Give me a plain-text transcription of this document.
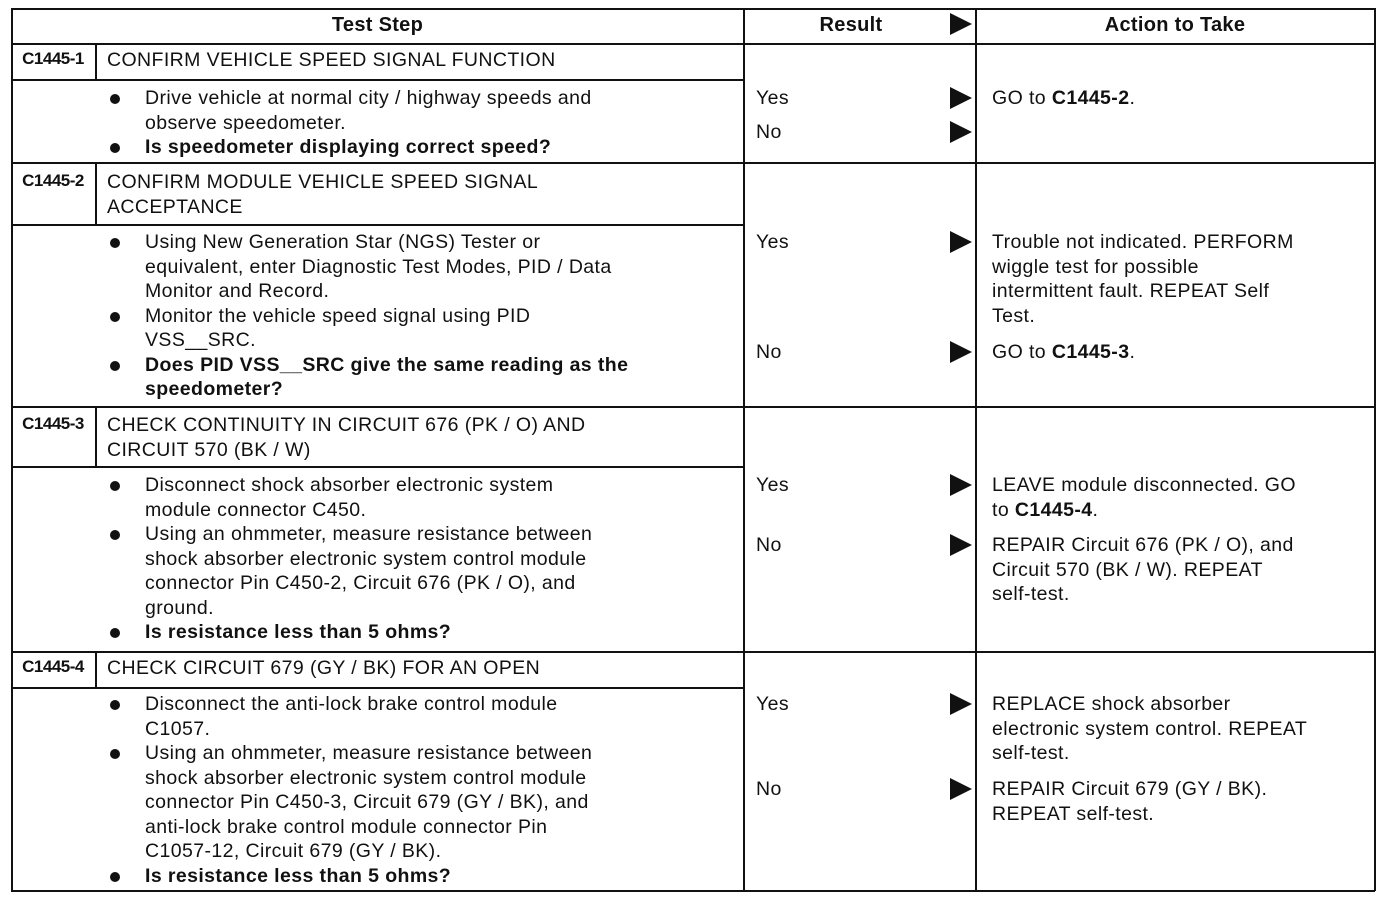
Test Step	Result	Action to Take
C1445-1	CONFIRM VEHICLE SPEED SIGNAL FUNCTION
Drive vehicle at normal city / highway speeds and
observe speedometer.
Is speedometer displaying correct speed?
Yes	GO to C1445-2.
No
C1445-2	CONFIRM MODULE VEHICLE SPEED SIGNAL
ACCEPTANCE
Using New Generation Star (NGS) Tester or
equivalent, enter Diagnostic Test Modes, PID / Data
Monitor and Record.
Monitor the vehicle speed signal using PID
VSS__SRC.
Does PID VSS__SRC give the same reading as the
speedometer?
Yes	Trouble not indicated. PERFORM
wiggle test for possible
intermittent fault. REPEAT Self
Test.
No	GO to C1445-3.
C1445-3	CHECK CONTINUITY IN CIRCUIT 676 (PK / O) AND
CIRCUIT 570 (BK / W)
Disconnect shock absorber electronic system
module connector C450.
Using an ohmmeter, measure resistance between
shock absorber electronic system control module
connector Pin C450-2, Circuit 676 (PK / O), and
ground.
Is resistance less than 5 ohms?
Yes	LEAVE module disconnected. GO
to C1445-4.
No	REPAIR Circuit 676 (PK / O), and
Circuit 570 (BK / W). REPEAT
self-test.
C1445-4	CHECK CIRCUIT 679 (GY / BK) FOR AN OPEN
Disconnect the anti-lock brake control module
C1057.
Using an ohmmeter, measure resistance between
shock absorber electronic system control module
connector Pin C450-3, Circuit 679 (GY / BK), and
anti-lock brake control module connector Pin
C1057-12, Circuit 679 (GY / BK).
Is resistance less than 5 ohms?
Yes	REPLACE shock absorber
electronic system control. REPEAT
self-test.
No	REPAIR Circuit 679 (GY / BK).
REPEAT self-test.
